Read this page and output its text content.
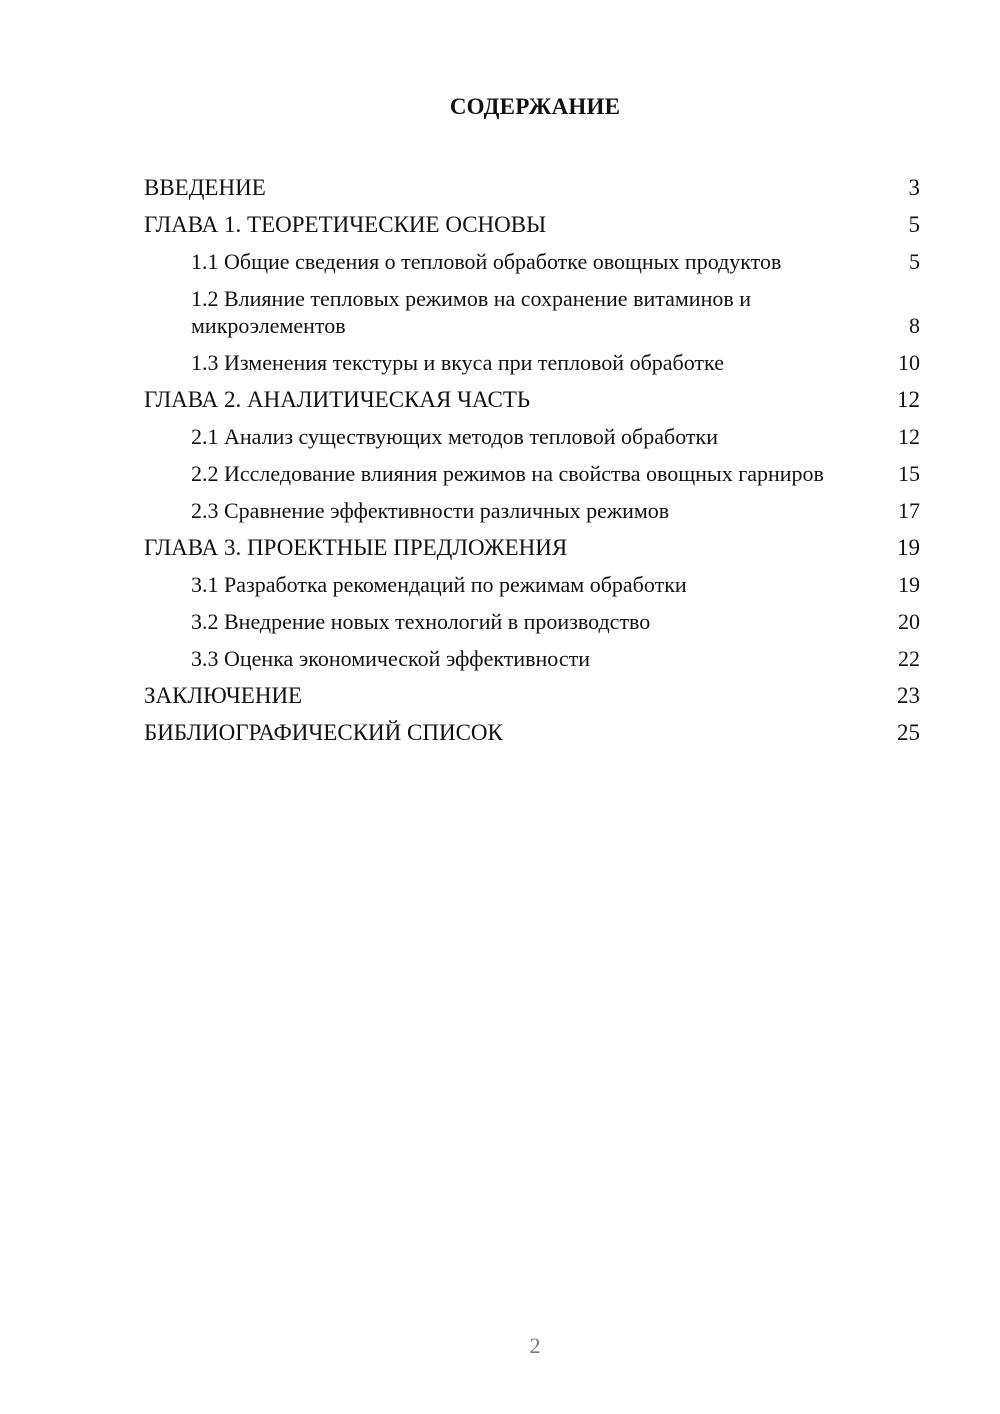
СОДЕРЖАНИЕ
ВВЕДЕНИЕ	3
ГЛАВА 1. ТЕОРЕТИЧЕСКИЕ ОСНОВЫ	5
1.1 Общие сведения о тепловой обработке овощных продуктов	5
1.2 Влияние тепловых режимов на сохранение витаминов и микроэлементов	8
1.3 Изменения текстуры и вкуса при тепловой обработке	10
ГЛАВА 2. АНАЛИТИЧЕСКАЯ ЧАСТЬ	12
2.1 Анализ существующих методов тепловой обработки	12
2.2 Исследование влияния режимов на свойства овощных гарниров	15
2.3 Сравнение эффективности различных режимов	17
ГЛАВА 3. ПРОЕКТНЫЕ ПРЕДЛОЖЕНИЯ	19
3.1 Разработка рекомендаций по режимам обработки	19
3.2 Внедрение новых технологий в производство	20
3.3 Оценка экономической эффективности	22
ЗАКЛЮЧЕНИЕ	23
БИБЛИОГРАФИЧЕСКИЙ СПИСОК	25
2
